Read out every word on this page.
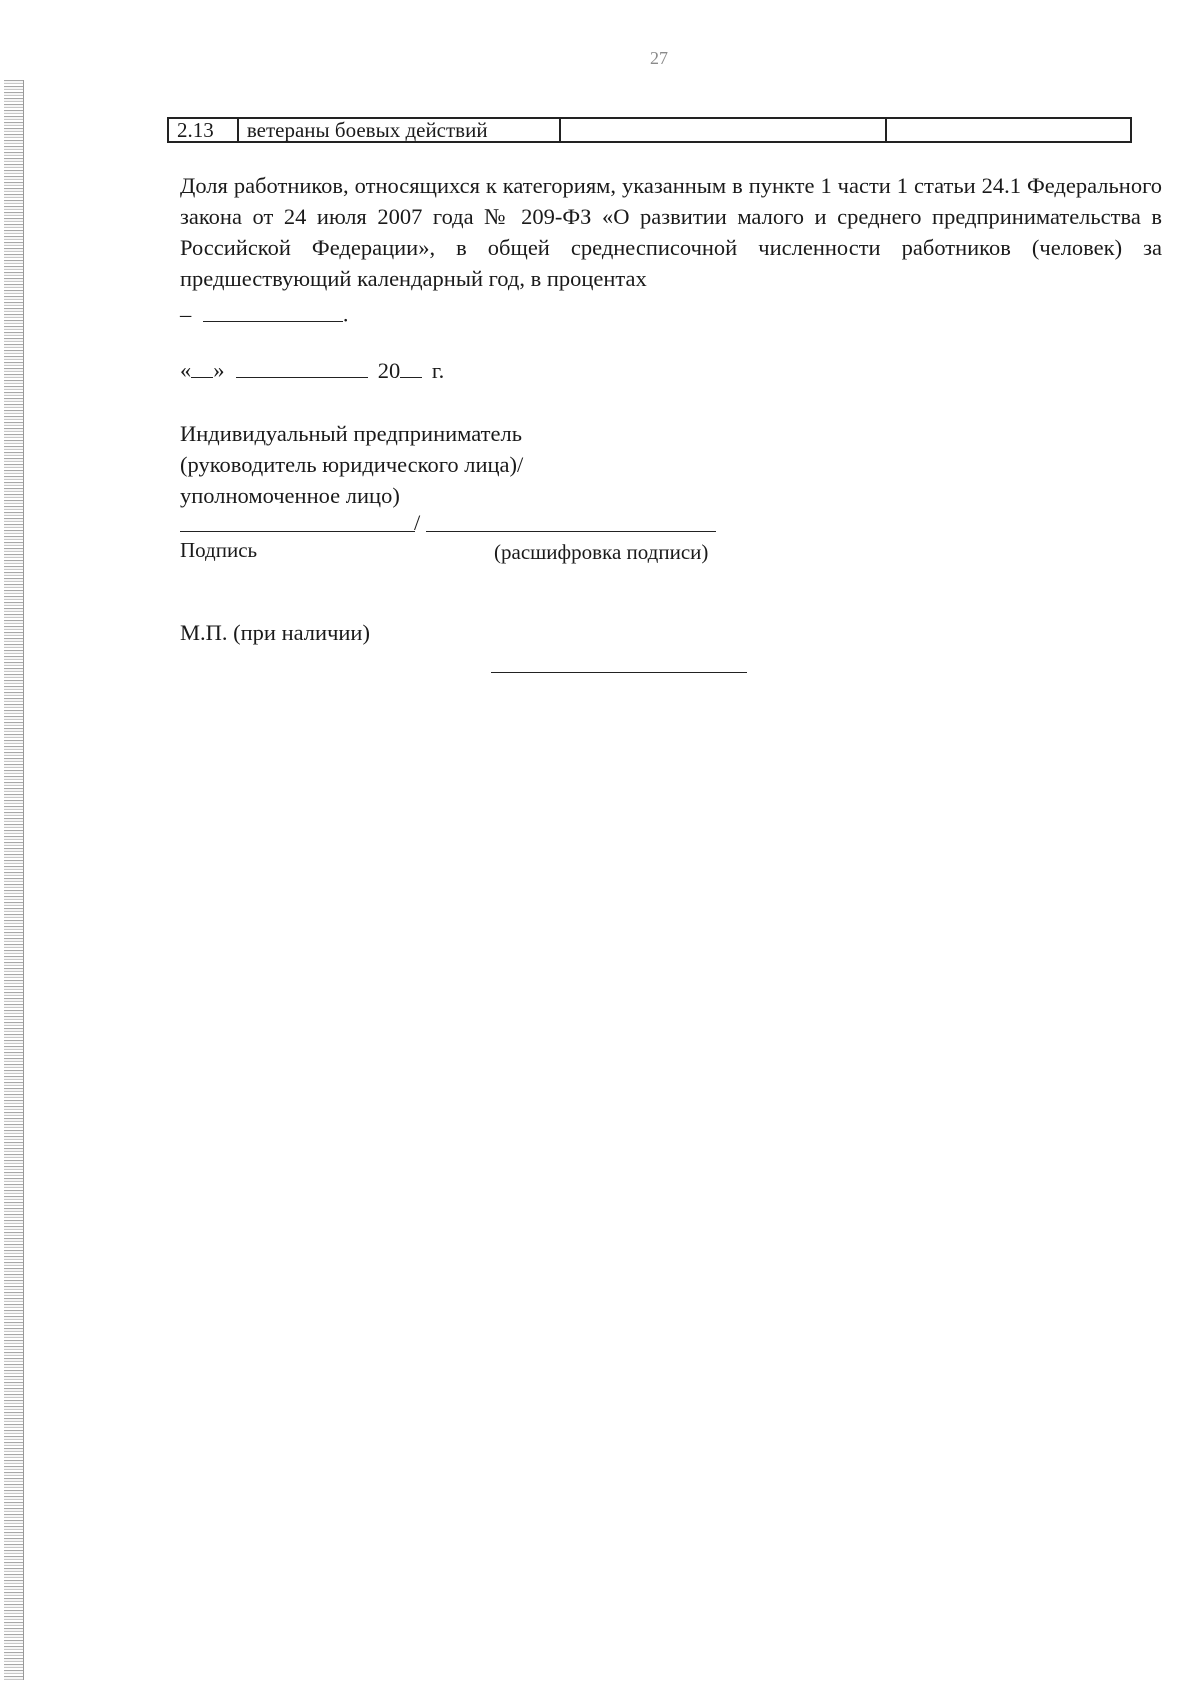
27
2.13	ветераны боевых действий		

Доля работников, относящихся к категориям, указанным в пункте 1 части 1 статьи 24.1 Федерального закона от 24 июля 2007 года № 209-ФЗ «О развитии малого и среднего предпринимательства в Российской Федерации», в общей среднесписочной численности работников (человек) за предшествующий календарный год, в процентах

–	.
« »	20 г.
Индивидуальный предприниматель
(руководитель юридического лица)/
уполномоченное лицо)
/
Подпись	(расшифровка подписи)
М.П. (при наличии)
